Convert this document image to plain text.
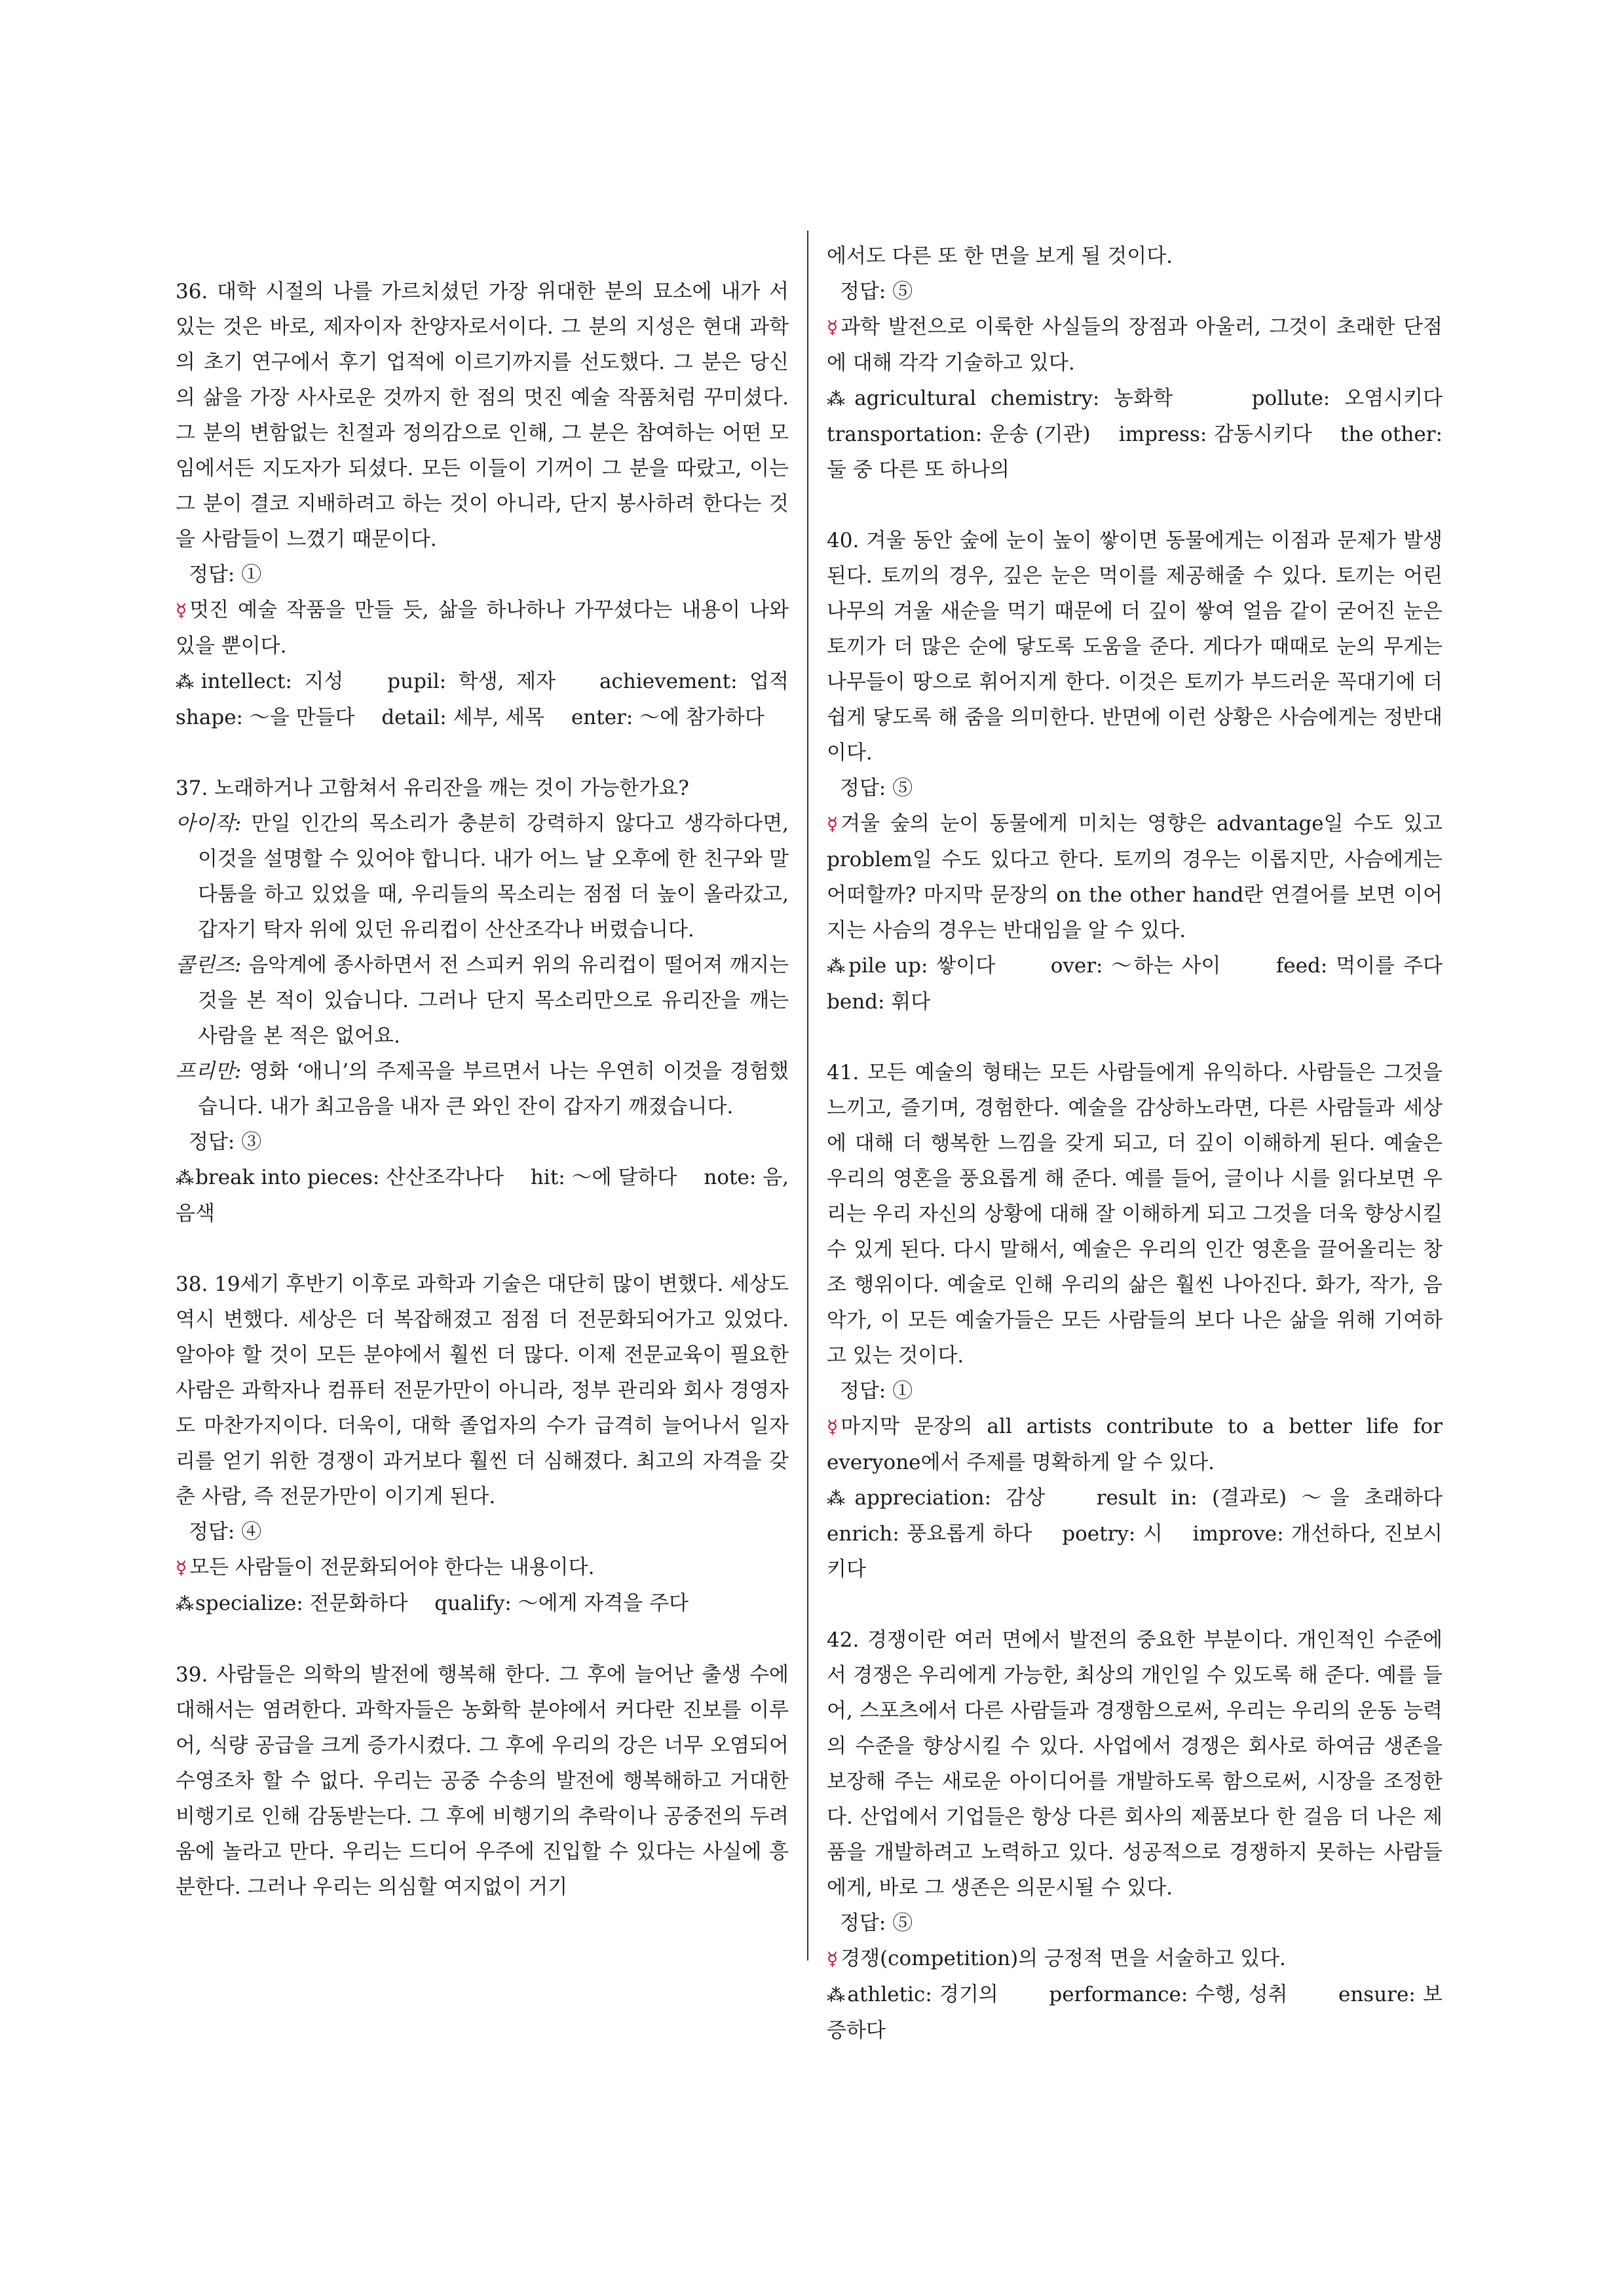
36. 대학 시절의 나를 가르치셨던 가장 위대한 분의 묘소에 내가 서 있는 것은 바로, 제자이자 찬양자로서이다. 그 분의 지성은 현대 과학의 초기 연구에서 후기 업적에 이르기까지를 선도했다. 그 분은 당신의 삶을 가장 사사로운 것까지 한 점의 멋진 예술 작품처럼 꾸미셨다. 그 분의 변함없는 친절과 정의감으로 인해, 그 분은 참여하는 어떤 모임에서든 지도자가 되셨다. 모든 이들이 기꺼이 그 분을 따랐고, 이는 그 분이 결코 지배하려고 하는 것이 아니라, 단지 봉사하려 한다는 것을 사람들이 느꼈기 때문이다.

정답: ①

☿ 멋진 예술 작품을 만들 듯, 삶을 하나하나 가꾸셨다는 내용이 나와 있을 뿐이다.

⁂intellect: 지성　 pupil: 학생, 제자　 achievement: 업적　 shape: ～을 만들다　 detail: 세부, 세목　 enter: ～에 참가하다

37. 노래하거나 고함쳐서 유리잔을 깨는 것이 가능한가요?

아이작: 만일 인간의 목소리가 충분히 강력하지 않다고 생각하다면, 이것을 설명할 수 있어야 합니다. 내가 어느 날 오후에 한 친구와 말다툼을 하고 있었을 때, 우리들의 목소리는 점점 더 높이 올라갔고, 갑자기 탁자 위에 있던 유리컵이 산산조각나 버렸습니다.

콜린즈: 음악계에 종사하면서 전 스피커 위의 유리컵이 떨어져 깨지는 것을 본 적이 있습니다. 그러나 단지 목소리만으로 유리잔을 깨는 사람을 본 적은 없어요.

프리만: 영화 ‘애니’의 주제곡을 부르면서 나는 우연히 이것을 경험했습니다. 내가 최고음을 내자 큰 와인 잔이 갑자기 깨졌습니다.

정답: ③

⁂break into pieces: 산산조각나다　 hit: ～에 달하다　 note: 음, 음색

38. 19세기 후반기 이후로 과학과 기술은 대단히 많이 변했다. 세상도 역시 변했다. 세상은 더 복잡해졌고 점점 더 전문화되어가고 있었다. 알아야 할 것이 모든 분야에서 훨씬 더 많다. 이제 전문교육이 필요한 사람은 과학자나 컴퓨터 전문가만이 아니라, 정부 관리와 회사 경영자도 마찬가지이다. 더욱이, 대학 졸업자의 수가 급격히 늘어나서 일자리를 얻기 위한 경쟁이 과거보다 훨씬 더 심해졌다. 최고의 자격을 갖춘 사람, 즉 전문가만이 이기게 된다.

정답: ④

☿ 모든 사람들이 전문화되어야 한다는 내용이다.

⁂specialize: 전문화하다　 qualify: ～에게 자격을 주다

39. 사람들은 의학의 발전에 행복해 한다. 그 후에 늘어난 출생 수에 대해서는 염려한다. 과학자들은 농화학 분야에서 커다란 진보를 이루어, 식량 공급을 크게 증가시켰다. 그 후에 우리의 강은 너무 오염되어 수영조차 할 수 없다. 우리는 공중 수송의 발전에 행복해하고 거대한 비행기로 인해 감동받는다. 그 후에 비행기의 추락이나 공중전의 두려움에 놀라고 만다. 우리는 드디어 우주에 진입할 수 있다는 사실에 흥분한다. 그러나 우리는 의심할 여지없이 거기

에서도 다른 또 한 면을 보게 될 것이다.

정답: ⑤

☿ 과학 발전으로 이룩한 사실들의 장점과 아울러, 그것이 초래한 단점에 대해 각각 기술하고 있다.

⁂agricultural chemistry: 농화학　　 pollute: 오염시키다　 transportation: 운송 (기관)　 impress: 감동시키다　 the other: 둘 중 다른 또 하나의

40. 겨울 동안 숲에 눈이 높이 쌓이면 동물에게는 이점과 문제가 발생된다. 토끼의 경우, 깊은 눈은 먹이를 제공해줄 수 있다. 토끼는 어린 나무의 겨울 새순을 먹기 때문에 더 깊이 쌓여 얼음 같이 굳어진 눈은 토끼가 더 많은 순에 닿도록 도움을 준다. 게다가 때때로 눈의 무게는 나무들이 땅으로 휘어지게 한다. 이것은 토끼가 부드러운 꼭대기에 더 쉽게 닿도록 해 줌을 의미한다. 반면에 이런 상황은 사슴에게는 정반대이다.

정답: ⑤

☿ 겨울 숲의 눈이 동물에게 미치는 영향은 advantage일 수도 있고 problem일 수도 있다고 한다. 토끼의 경우는 이롭지만, 사슴에게는 어떠할까? 마지막 문장의 on the other hand란 연결어를 보면 이어지는 사슴의 경우는 반대임을 알 수 있다.

⁂pile up: 쌓이다　　 over: ～하는 사이　　 feed: 먹이를 주다　 bend: 휘다

41. 모든 예술의 형태는 모든 사람들에게 유익하다. 사람들은 그것을 느끼고, 즐기며, 경험한다. 예술을 감상하노라면, 다른 사람들과 세상에 대해 더 행복한 느낌을 갖게 되고, 더 깊이 이해하게 된다. 예술은 우리의 영혼을 풍요롭게 해 준다. 예를 들어, 글이나 시를 읽다보면 우리는 우리 자신의 상황에 대해 잘 이해하게 되고 그것을 더욱 향상시킬 수 있게 된다. 다시 말해서, 예술은 우리의 인간 영혼을 끌어올리는 창조 행위이다. 예술로 인해 우리의 삶은 훨씬 나아진다. 화가, 작가, 음악가, 이 모든 예술가들은 모든 사람들의 보다 나은 삶을 위해 기여하고 있는 것이다.

정답: ①

☿ 마지막 문장의 all artists contribute to a better life for everyone에서 주제를 명확하게 알 수 있다.

⁂appreciation: 감상　 result in: (결과로) ～을 초래하다　 enrich: 풍요롭게 하다　 poetry: 시　 improve: 개선하다, 진보시키다

42. 경쟁이란 여러 면에서 발전의 중요한 부분이다. 개인적인 수준에서 경쟁은 우리에게 가능한, 최상의 개인일 수 있도록 해 준다. 예를 들어, 스포츠에서 다른 사람들과 경쟁함으로써, 우리는 우리의 운동 능력의 수준을 향상시킬 수 있다. 사업에서 경쟁은 회사로 하여금 생존을 보장해 주는 새로운 아이디어를 개발하도록 함으로써, 시장을 조정한다. 산업에서 기업들은 항상 다른 회사의 제품보다 한 걸음 더 나은 제품을 개발하려고 노력하고 있다. 성공적으로 경쟁하지 못하는 사람들에게, 바로 그 생존은 의문시될 수 있다.

정답: ⑤

☿ 경쟁(competition)의 긍정적 면을 서술하고 있다.

⁂athletic: 경기의　　 performance: 수행, 성취　　 ensure: 보증하다
